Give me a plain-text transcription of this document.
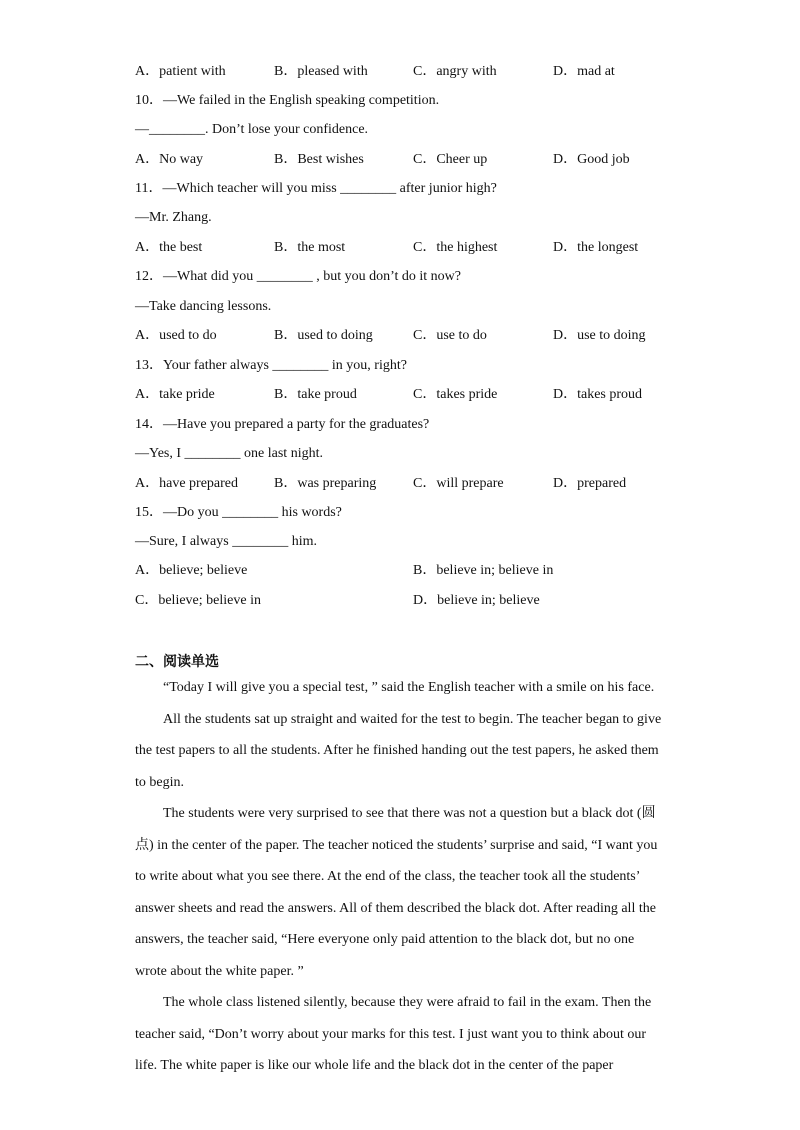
A．patient with	B．pleased with	C．angry with	D．mad at
10．—We failed in the English speaking competition.
—________. Don’t lose your confidence.
A．No way	B．Best wishes	C．Cheer up	D．Good job
11．—Which teacher will you miss ________ after junior high?
—Mr. Zhang.
A．the best	B．the most	C．the highest	D．the longest
12．—What did you ________ , but you don’t do it now?
—Take dancing lessons.
A．used to do	B．used to doing	C．use to do	D．use to doing
13．Your father always ________ in you, right?
A．take pride	B．take proud	C．takes pride	D．takes proud
14．—Have you prepared a party for the graduates?
—Yes, I ________ one last night.
A．have prepared	B．was preparing	C．will prepare	D．prepared
15．—Do you ________ his words?
—Sure, I always ________ him.
A．believe; believe	B．believe in; believe in
C．believe; believe in	D．believe in; believe
二、阅读单选
“Today I will give you a special test, ” said the English teacher with a smile on his face.
All the students sat up straight and waited for the test to begin. The teacher began to give
the test papers to all the students. After he finished handing out the test papers, he asked them
to begin.
The students were very surprised to see that there was not a question but a black dot (圆
点) in the center of the paper. The teacher noticed the students’ surprise and said, “I want you
to write about what you see there. At the end of the class, the teacher took all the students’
answer sheets and read the answers. All of them described the black dot. After reading all the
answers, the teacher said, “Here everyone only paid attention to the black dot, but no one
wrote about the white paper. ”
The whole class listened silently, because they were afraid to fail in the exam. Then the
teacher said, “Don’t worry about your marks for this test. I just want you to think about our
life. The white paper is like our whole life and the black dot in the center of the paper
